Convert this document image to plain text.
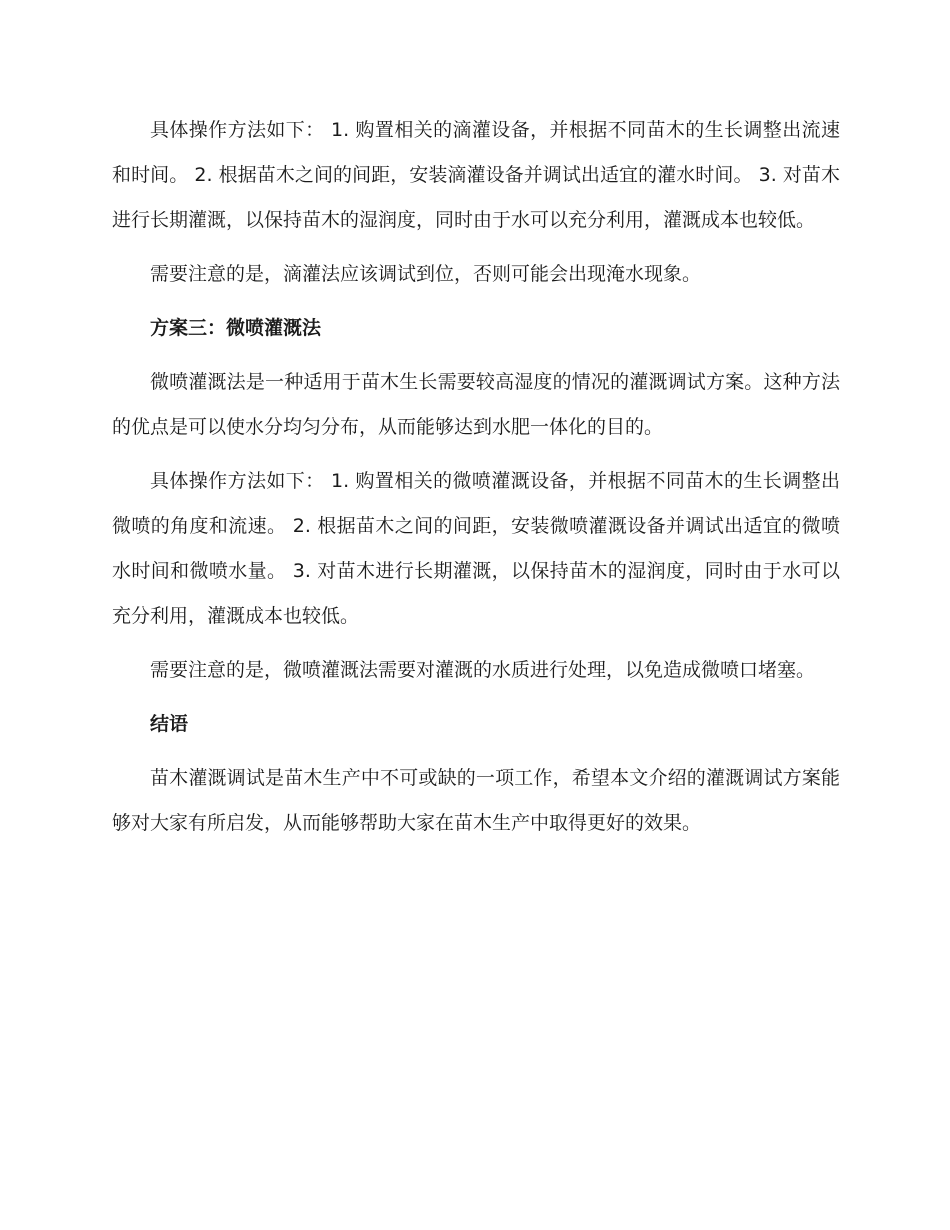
具体操作方法如下： 1. 购置相关的滴灌设备，并根据不同苗木的生长调整出流速和时间。 2. 根据苗木之间的间距，安装滴灌设备并调试出适宜的灌水时间。 3. 对苗木进行长期灌溉，以保持苗木的湿润度，同时由于水可以充分利用，灌溉成本也较低。

需要注意的是，滴灌法应该调试到位，否则可能会出现淹水现象。

方案三：微喷灌溉法

微喷灌溉法是一种适用于苗木生长需要较高湿度的情况的灌溉调试方案。这种方法的优点是可以使水分均匀分布，从而能够达到水肥一体化的目的。

具体操作方法如下： 1. 购置相关的微喷灌溉设备，并根据不同苗木的生长调整出微喷的角度和流速。 2. 根据苗木之间的间距，安装微喷灌溉设备并调试出适宜的微喷水时间和微喷水量。 3. 对苗木进行长期灌溉，以保持苗木的湿润度，同时由于水可以充分利用，灌溉成本也较低。

需要注意的是，微喷灌溉法需要对灌溉的水质进行处理，以免造成微喷口堵塞。

结语

苗木灌溉调试是苗木生产中不可或缺的一项工作，希望本文介绍的灌溉调试方案能够对大家有所启发，从而能够帮助大家在苗木生产中取得更好的效果。
